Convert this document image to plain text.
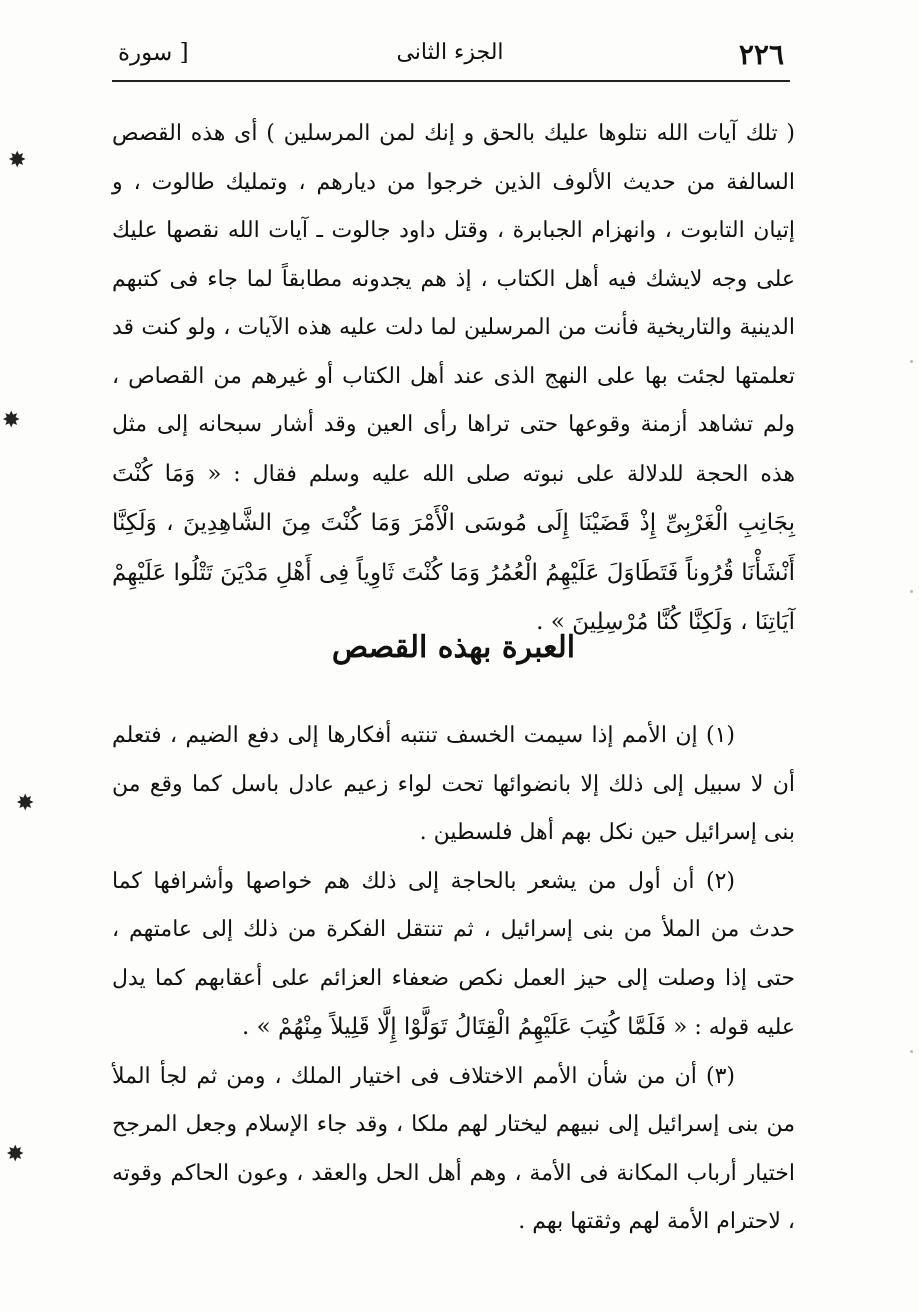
٢٢٦
الجزء الثانى
[ سورة

( تلك آيات الله نتلوها عليك بالحق و إنك لمن المرسلين ) أى هذه القصص السالفة من حديث الألوف الذين خرجوا من ديارهم ، وتمليك طالوت ، و إتيان التابوت ، وانهزام الجبابرة ، وقتل داود جالوت ـ آيات الله نقصها عليك على وجه لايشك فيه أهل الكتاب ، إذ هم يجدونه مطابقاً لما جاء فى كتبهم الدينية والتاريخية فأنت من المرسلين لما دلت عليه هذه الآيات ، ولو كنت قد تعلمتها لجئت بها على النهج الذى عند أهل الكتاب أو غيرهم من القصاص ، ولم تشاهد أزمنة وقوعها حتى تراها رأى العين وقد أشار سبحانه إلى مثل هذه الحجة للدلالة على نبوته صلى الله عليه وسلم فقال : « وَمَا كُنْتَ بِجَانِبِ الْغَرْبِىِّ إِذْ قَضَيْنَا إِلَى مُوسَى الْأَمْرَ وَمَا كُنْتَ مِنَ الشَّاهِدِينَ ، وَلَكِنَّا أَنْشَأْنَا قُرُوناً فَتَطَاوَلَ عَلَيْهِمُ الْعُمُرُ وَمَا كُنْتَ ثَاوِياً فِى أَهْلِ مَدْيَنَ تَتْلُوا عَلَيْهِمْ آيَاتِنَا ، وَلَكِنَّا كُنَّا مُرْسِلِينَ » .

العبرة بهذه القصص

(١) إن الأمم إذا سيمت الخسف تنتبه أفكارها إلى دفع الضيم ، فتعلم أن لا سبيل إلى ذلك إلا بانضوائها تحت لواء زعيم عادل باسل كما وقع من بنى إسرائيل حين نكل بهم أهل فلسطين .

(٢) أن أول من يشعر بالحاجة إلى ذلك هم خواصها وأشرافها كما حدث من الملأ من بنى إسرائيل ، ثم تنتقل الفكرة من ذلك إلى عامتهم ، حتى إذا وصلت إلى حيز العمل نكص ضعفاء العزائم على أعقابهم كما يدل عليه قوله : « فَلَمَّا كُتِبَ عَلَيْهِمُ الْقِتَالُ تَوَلَّوْا إِلَّا قَلِيلاً مِنْهُمْ » .

(٣) أن من شأن الأمم الاختلاف فى اختيار الملك ، ومن ثم لجأ الملأ من بنى إسرائيل إلى نبيهم ليختار لهم ملكا ، وقد جاء الإسلام وجعل المرجح اختيار أرباب المكانة فى الأمة ، وهم أهل الحل والعقد ، وعون الحاكم وقوته ، لاحترام الأمة لهم وثقتها بهم .

✸
✸
✸
✸
